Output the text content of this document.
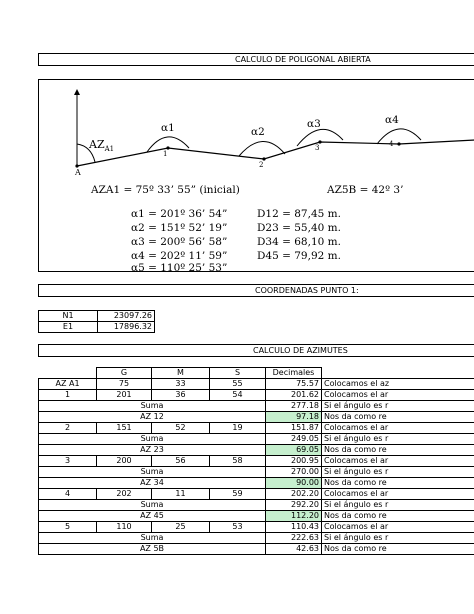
CALCULO DE POLIGONAL ABIERTA
$AZ_{A1}$
A
1
2
3	4
α1	α2
α3	α4
AZA1 = 75º 33’ 55” (inicial)	AZ5B = 42º 3’
α1 = 201º 36’ 54”
α2 = 151º 52’ 19”
α3 = 200º 56’ 58”
α4 = 202º 11’ 59”
α5 = 110º 25’ 53”
D12 = 87,45 m.
D23 = 55,40 m.
D34 = 68,10 m.
D45 = 79,92 m.
COORDENADAS PUNTO 1:
N1	23097.26
E1	17896.32
CALCULO DE AZIMUTES
	G	M	S	Decimales	
AZ A1	75	33	55	75.57	Colocamos el az
1	201	36	54	201.62	Colocamos el ar
Suma				277.18	Si el ángulo es r
AZ 12				97.18	Nos da como re
2	151	52	19	151.87	Colocamos el ar
Suma				249.05	Si el ángulo es r
AZ 23				69.05	Nos da como re
3	200	56	58	200.95	Colocamos el ar
Suma				270.00	Si el ángulo es r
AZ 34				90.00	Nos da como re
4	202	11	59	202.20	Colocamos el ar
Suma				292.20	Si el ángulo es r
AZ 45				112.20	Nos da como re
5	110	25	53	110.43	Colocamos el ar
Suma				222.63	Si el ángulo es r
AZ 5B				42.63	Nos da como re
